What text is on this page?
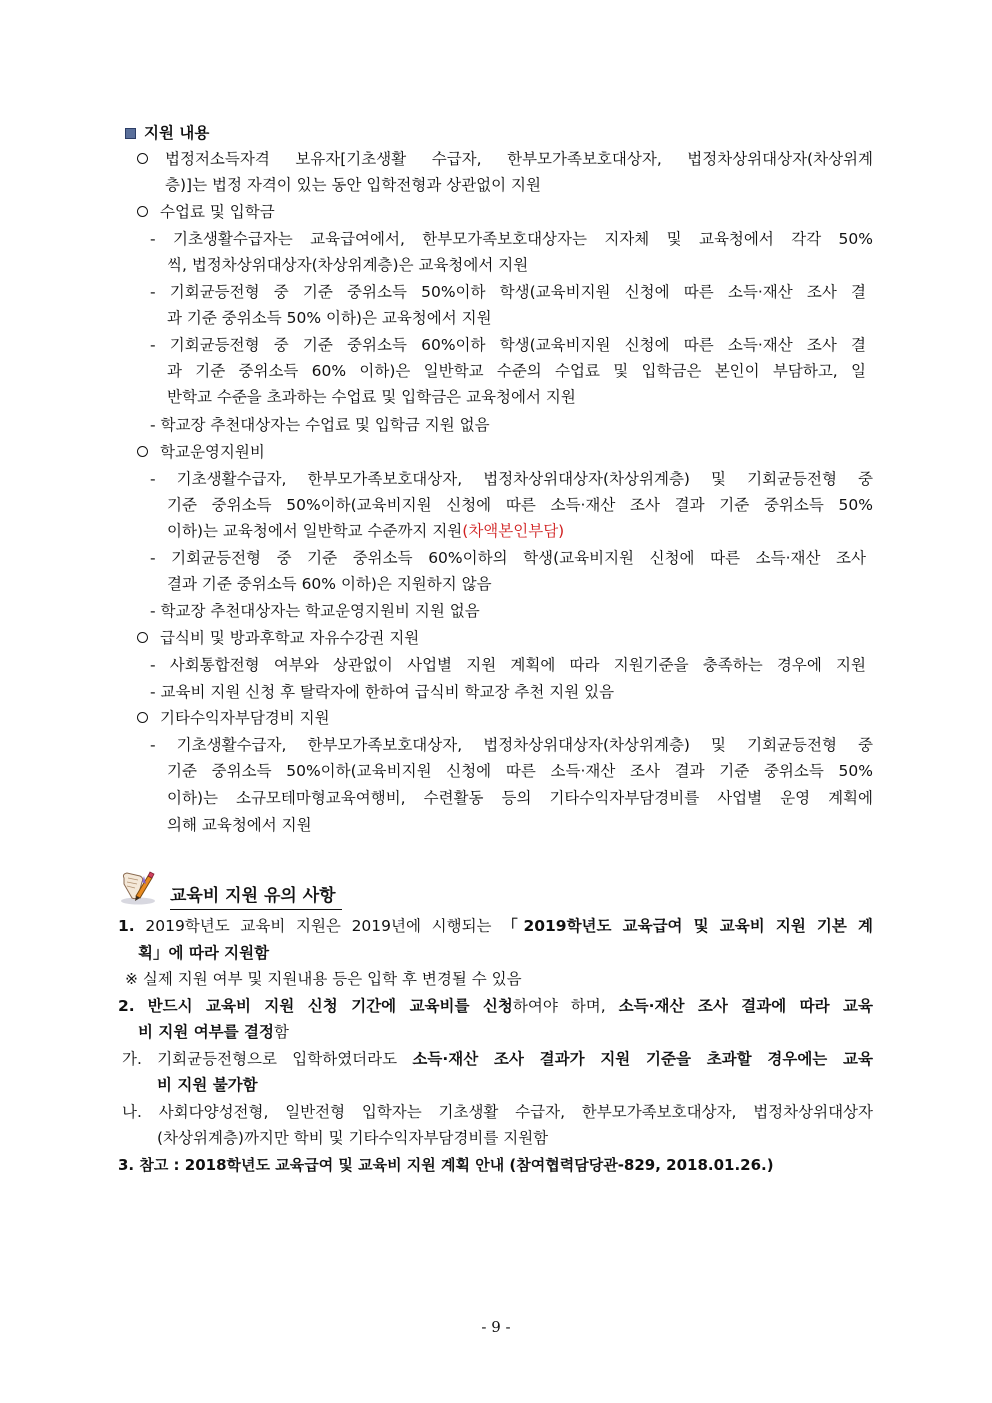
지원 내용
법정저소득자격 보유자[기초생활 수급자, 한부모가족보호대상자, 법정차상위대상자(차상위계
층)]는 법정 자격이 있는 동안 입학전형과 상관없이 지원
수업료 및 입학금
- 기초생활수급자는 교육급여에서, 한부모가족보호대상자는 지자체 및 교육청에서 각각 50%
씩, 법정차상위대상자(차상위계층)은 교육청에서 지원
- 기회균등전형 중 기준 중위소득 50%이하 학생(교육비지원 신청에 따른 소득·재산 조사 결
과 기준 중위소득 50% 이하)은 교육청에서 지원
- 기회균등전형 중 기준 중위소득 60%이하 학생(교육비지원 신청에 따른 소득·재산 조사 결
과 기준 중위소득 60% 이하)은 일반학교 수준의 수업료 및 입학금은 본인이 부담하고, 일
반학교 수준을 초과하는 수업료 및 입학금은 교육청에서 지원
- 학교장 추천대상자는 수업료 및 입학금 지원 없음
학교운영지원비
- 기초생활수급자, 한부모가족보호대상자, 법정차상위대상자(차상위계층) 및 기회균등전형 중
기준 중위소득 50%이하(교육비지원 신청에 따른 소득·재산 조사 결과 기준 중위소득 50%
이하)는 교육청에서 일반학교 수준까지 지원(차액본인부담)
- 기회균등전형 중 기준 중위소득 60%이하의 학생(교육비지원 신청에 따른 소득·재산 조사
결과 기준 중위소득 60% 이하)은 지원하지 않음
- 학교장 추천대상자는 학교운영지원비 지원 없음
급식비 및 방과후학교 자유수강권 지원
- 사회통합전형 여부와 상관없이 사업별 지원 계획에 따라 지원기준을 충족하는 경우에 지원
- 교육비 지원 신청 후 탈락자에 한하여 급식비 학교장 추천 지원 있음
기타수익자부담경비 지원
- 기초생활수급자, 한부모가족보호대상자, 법정차상위대상자(차상위계층) 및 기회균등전형 중
기준 중위소득 50%이하(교육비지원 신청에 따른 소득·재산 조사 결과 기준 중위소득 50%
이하)는 소규모테마형교육여행비, 수련활동 등의 기타수익자부담경비를 사업별 운영 계획에
의해 교육청에서 지원
교육비 지원 유의 사항
1. 2019학년도 교육비 지원은 2019년에 시행되는 「2019학년도 교육급여 및 교육비 지원 기본 계
획」에 따라 지원함
※ 실제 지원 여부 및 지원내용 등은 입학 후 변경될 수 있음
2. 반드시 교육비 지원 신청 기간에 교육비를 신청하여야 하며, 소득·재산 조사 결과에 따라 교육
비 지원 여부를 결정함
가. 기회균등전형으로 입학하였더라도 소득·재산 조사 결과가 지원 기준을 초과할 경우에는 교육
비 지원 불가함
나. 사회다양성전형, 일반전형 입학자는 기초생활 수급자, 한부모가족보호대상자, 법정차상위대상자
(차상위계층)까지만 학비 및 기타수익자부담경비를 지원함
3. 참고 : 2018학년도 교육급여 및 교육비 지원 계획 안내 (참여협력담당관-829, 2018.01.26.)
- 9 -
